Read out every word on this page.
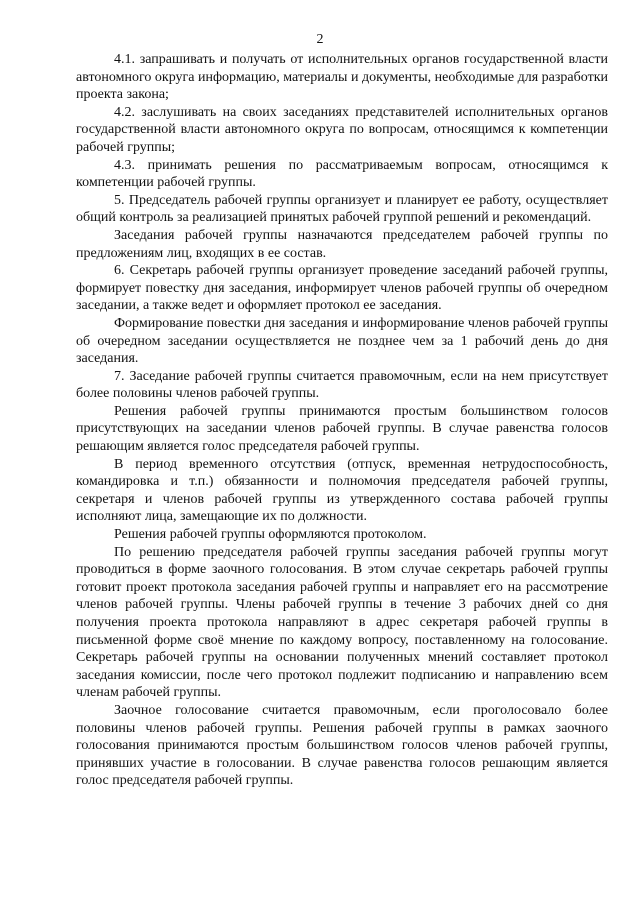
2

4.1. запрашивать и получать от исполнительных органов государственной власти автономного округа информацию, материалы и документы, необходимые для разработки проекта закона;

4.2. заслушивать на своих заседаниях представителей исполнительных органов государственной власти автономного округа по вопросам, относящимся к компетенции рабочей группы;

4.3. принимать решения по рассматриваемым вопросам, относящимся к компетенции рабочей группы.

5. Председатель рабочей группы организует и планирует ее работу, осуществляет общий контроль за реализацией принятых рабочей группой решений и рекомендаций.

Заседания рабочей группы назначаются председателем рабочей группы по предложениям лиц, входящих в ее состав.

6. Секретарь рабочей группы организует проведение заседаний рабочей группы, формирует повестку дня заседания, информирует членов рабочей группы об очередном заседании, а также ведет и оформляет протокол ее заседания.

Формирование повестки дня заседания и информирование членов рабочей группы об очередном заседании осуществляется не позднее чем за 1 рабочий день до дня заседания.

7. Заседание рабочей группы считается правомочным, если на нем присутствует более половины членов рабочей группы.

Решения рабочей группы принимаются простым большинством голосов присутствующих на заседании членов рабочей группы. В случае равенства голосов решающим является голос председателя рабочей группы.

В период временного отсутствия (отпуск, временная нетрудоспособность, командировка и т.п.) обязанности и полномочия председателя рабочей группы, секретаря и членов рабочей группы из утвержденного состава рабочей группы исполняют лица, замещающие их по должности.

Решения рабочей группы оформляются протоколом.

По решению председателя рабочей группы заседания рабочей группы могут проводиться в форме заочного голосования. В этом случае секретарь рабочей группы готовит проект протокола заседания рабочей группы и направляет его на рассмотрение членов рабочей группы. Члены рабочей группы в течение 3 рабочих дней со дня получения проекта протокола направляют в адрес секретаря рабочей группы в письменной форме своё мнение по каждому вопросу, поставленному на голосование. Секретарь рабочей группы на основании полученных мнений составляет протокол заседания комиссии, после чего протокол подлежит подписанию и направлению всем членам рабочей группы.

Заочное голосование считается правомочным, если проголосовало более половины членов рабочей группы. Решения рабочей группы в рамках заочного голосования принимаются простым большинством голосов членов рабочей группы, принявших участие в голосовании. В случае равенства голосов решающим является голос председателя рабочей группы.
